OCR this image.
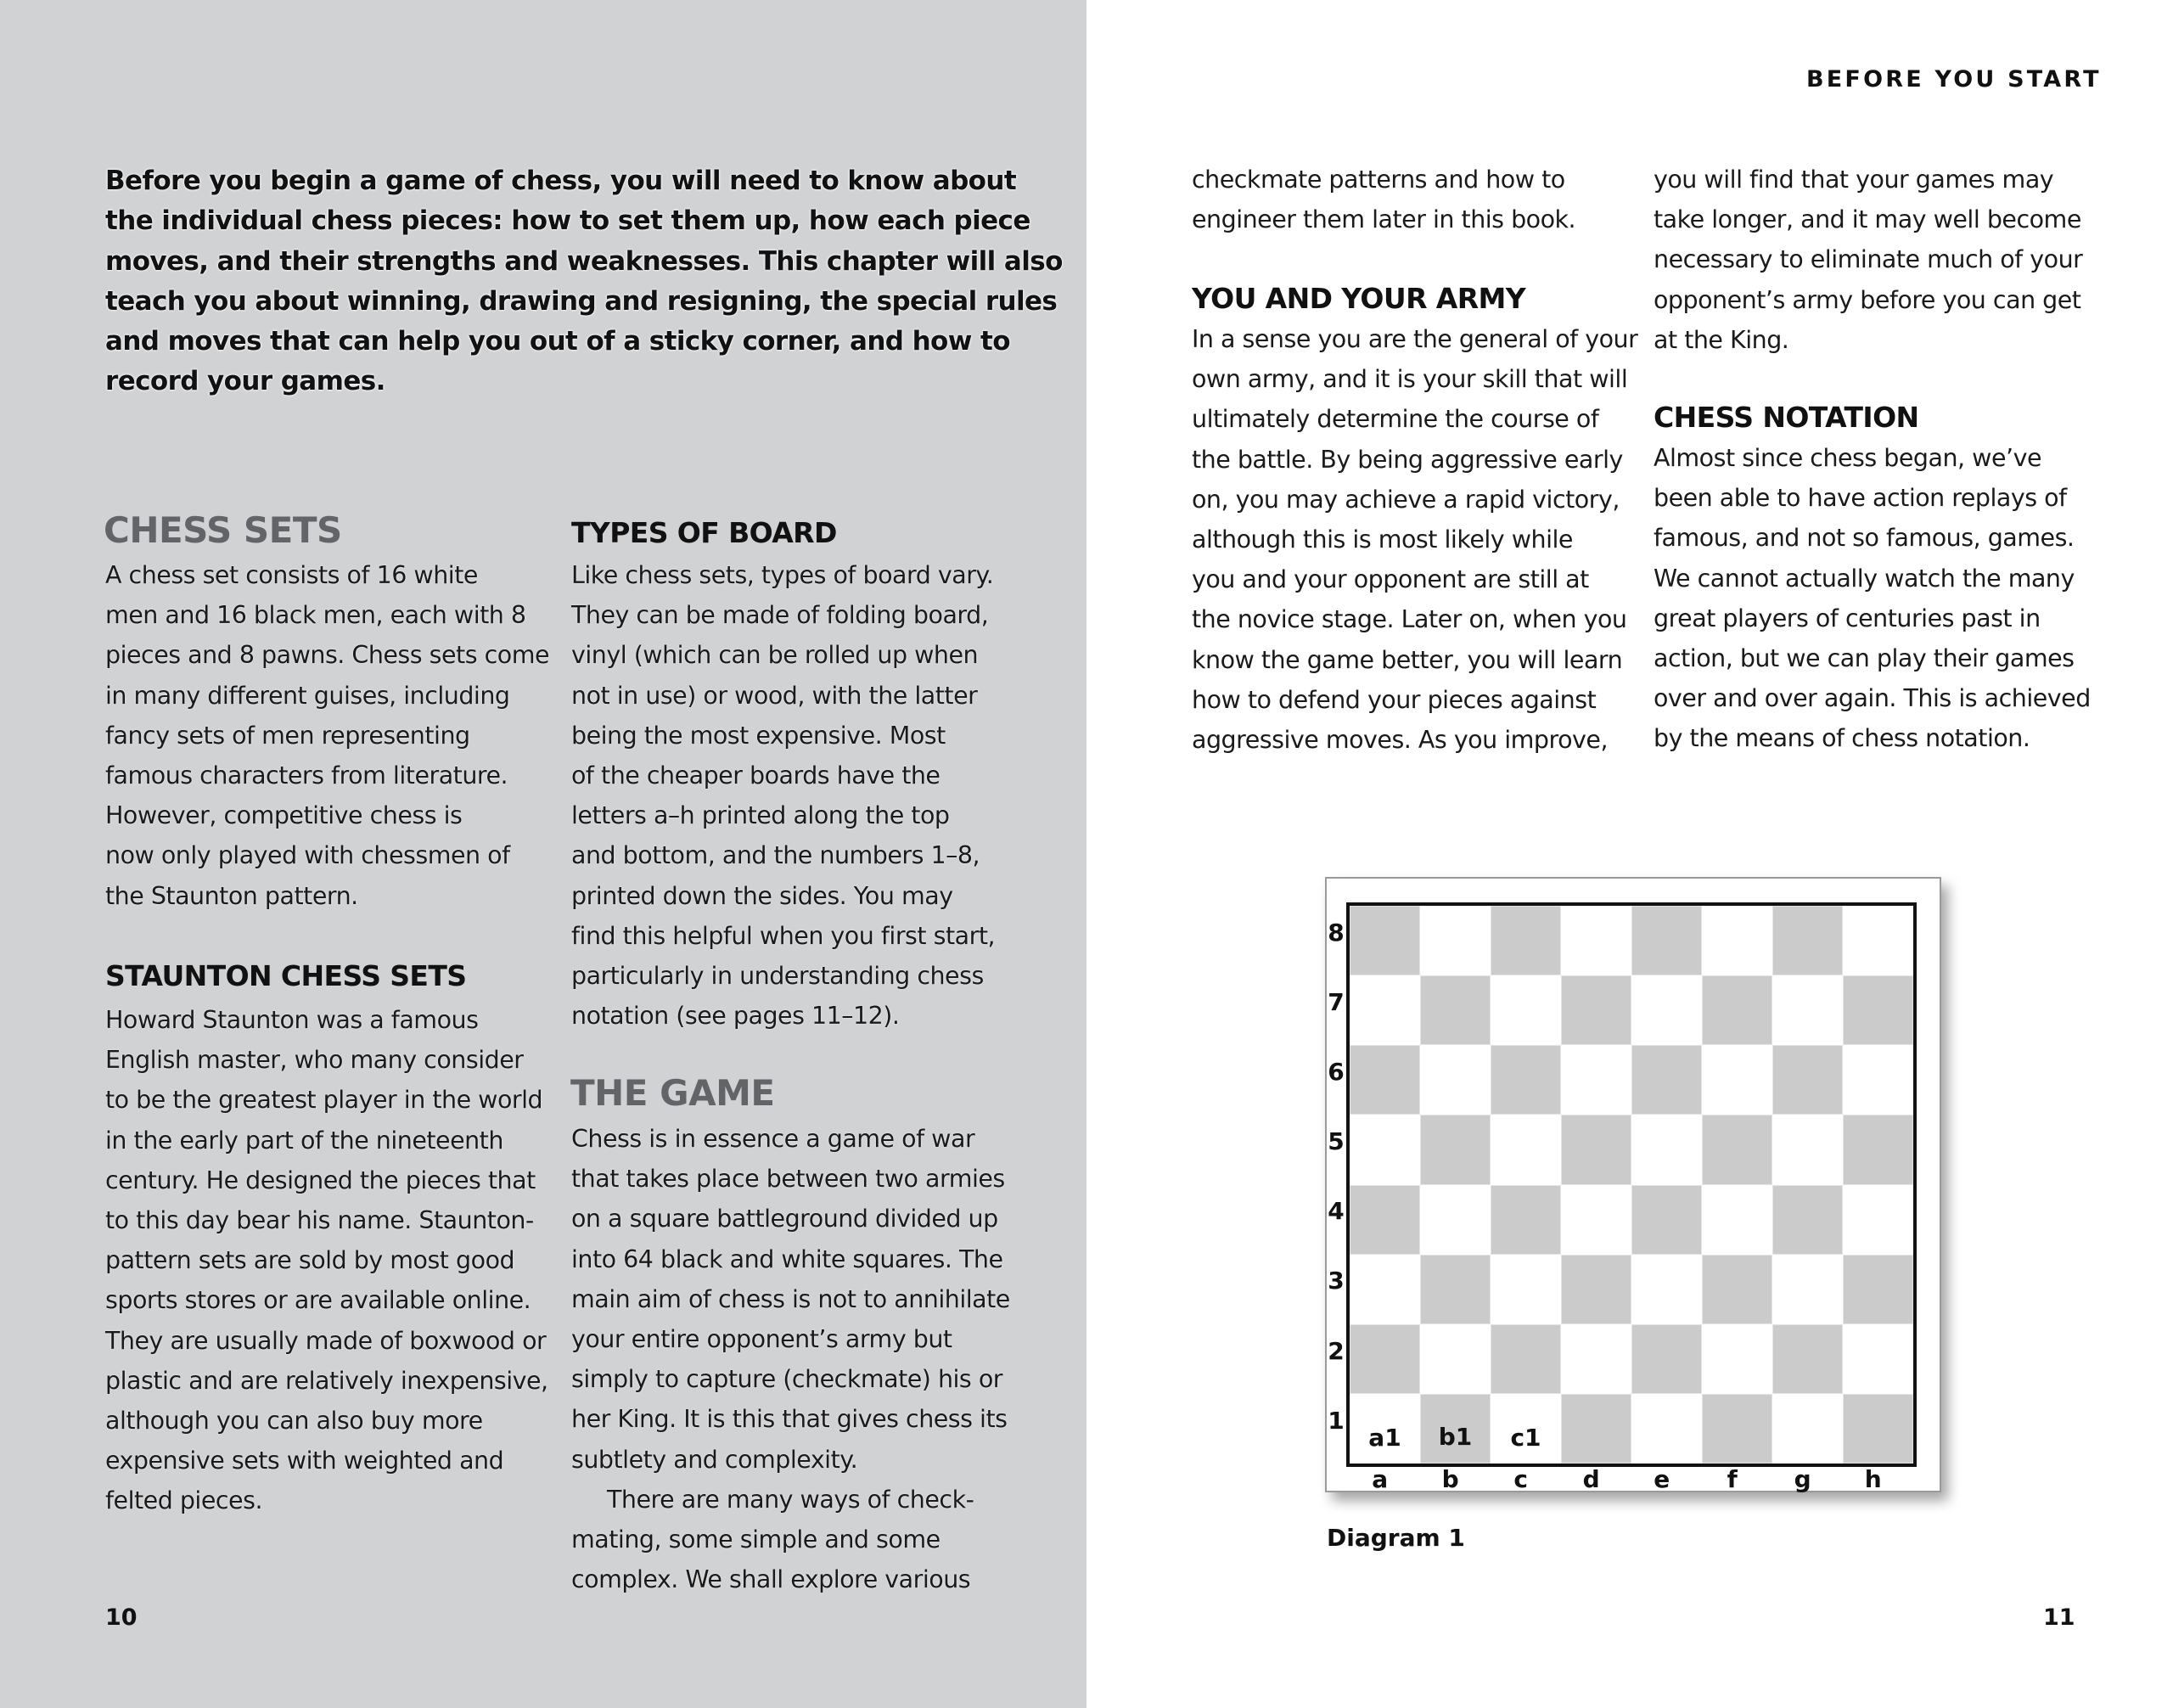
BEFORE YOU START
Before you begin a game of chess, you will need to know about
the individual chess pieces: how to set them up, how each piece
moves, and their strengths and weaknesses. This chapter will also
teach you about winning, drawing and resigning, the special rules
and moves that can help you out of a sticky corner, and how to
record your games.
CHESS SETS
A chess set consists of 16 white
men and 16 black men, each with 8
pieces and 8 pawns. Chess sets come
in many different guises, including
fancy sets of men representing
famous characters from literature.
However, competitive chess is
now only played with chessmen of
the Staunton pattern.
STAUNTON CHESS SETS
Howard Staunton was a famous
English master, who many consider
to be the greatest player in the world
in the early part of the nineteenth
century. He designed the pieces that
to this day bear his name. Staunton-
pattern sets are sold by most good
sports stores or are available online.
They are usually made of boxwood or
plastic and are relatively inexpensive,
although you can also buy more
expensive sets with weighted and
felted pieces.
TYPES OF BOARD
Like chess sets, types of board vary.
They can be made of folding board,
vinyl (which can be rolled up when
not in use) or wood, with the latter
being the most expensive. Most
of the cheaper boards have the
letters a–h printed along the top
and bottom, and the numbers 1–8,
printed down the sides. You may
find this helpful when you first start,
particularly in understanding chess
notation (see pages 11–12).
THE GAME
Chess is in essence a game of war
that takes place between two armies
on a square battleground divided up
into 64 black and white squares. The
main aim of chess is not to annihilate
your entire opponent’s army but
simply to capture (checkmate) his or
her King. It is this that gives chess its
subtlety and complexity.
There are many ways of check-
mating, some simple and some
complex. We shall explore various
10
checkmate patterns and how to
engineer them later in this book.
YOU AND YOUR ARMY
In a sense you are the general of your
own army, and it is your skill that will
ultimately determine the course of
the battle. By being aggressive early
on, you may achieve a rapid victory,
although this is most likely while
you and your opponent are still at
the novice stage. Later on, when you
know the game better, you will learn
how to defend your pieces against
aggressive moves. As you improve,
you will find that your games may
take longer, and it may well become
necessary to eliminate much of your
opponent’s army before you can get
at the King.
CHESS NOTATION
Almost since chess began, we’ve
been able to have action replays of
famous, and not so famous, games.
We cannot actually watch the many
great players of centuries past in
action, but we can play their games
over and over again. This is achieved
by the means of chess notation.
a1	b1	c1
8
7
6
5
4
3
2
1
a b c d e	f	g h
Diagram 1
11
